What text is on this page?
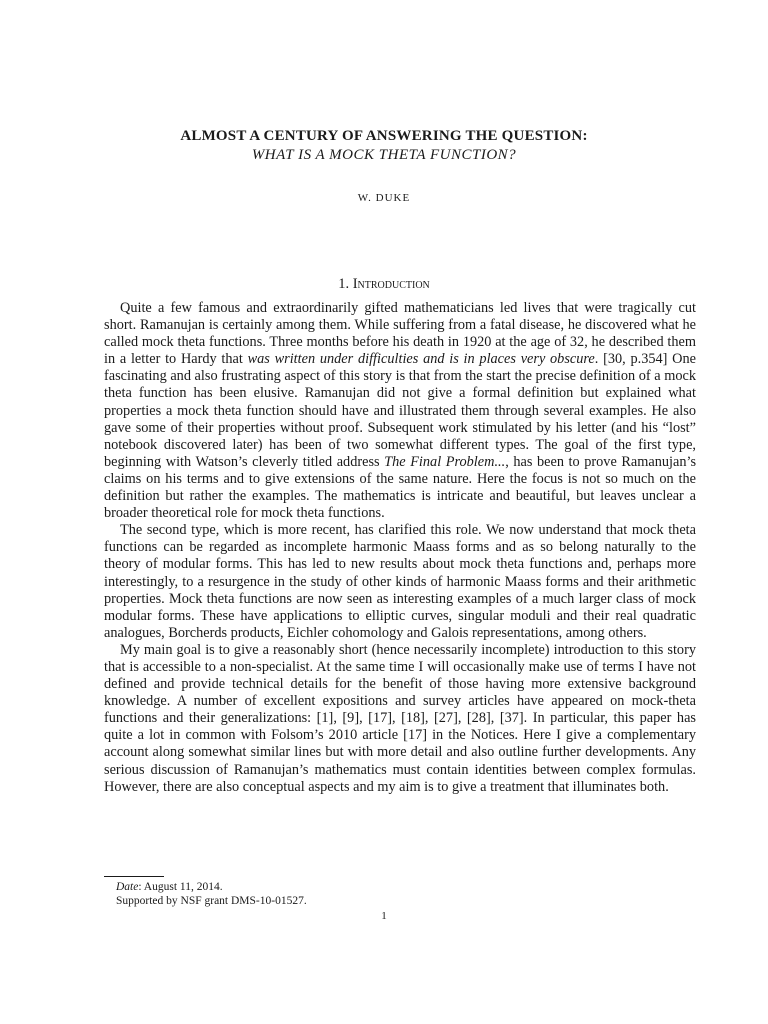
ALMOST A CENTURY OF ANSWERING THE QUESTION:
WHAT IS A MOCK THETA FUNCTION?
W. DUKE
1. Introduction

Quite a few famous and extraordinarily gifted mathematicians led lives that were tragically cut short. Ramanujan is certainly among them. While suffering from a fatal disease, he discovered what he called mock theta functions. Three months before his death in 1920 at the age of 32, he described them in a letter to Hardy that was written under difficulties and is in places very obscure. [30, p.354] One fascinating and also frustrating aspect of this story is that from the start the precise definition of a mock theta function has been elusive. Ramanujan did not give a formal definition but explained what properties a mock theta function should have and illustrated them through several examples. He also gave some of their properties without proof. Subsequent work stimulated by his letter (and his “lost” notebook discovered later) has been of two somewhat different types. The goal of the first type, beginning with Watson’s cleverly titled address The Final Problem..., has been to prove Ramanujan’s claims on his terms and to give extensions of the same nature. Here the focus is not so much on the definition but rather the examples. The mathematics is intricate and beautiful, but leaves unclear a broader theoretical role for mock theta functions.

The second type, which is more recent, has clarified this role. We now understand that mock theta functions can be regarded as incomplete harmonic Maass forms and as so belong naturally to the theory of modular forms. This has led to new results about mock theta functions and, perhaps more interestingly, to a resurgence in the study of other kinds of harmonic Maass forms and their arithmetic properties. Mock theta functions are now seen as interesting examples of a much larger class of mock modular forms. These have applications to elliptic curves, singular moduli and their real quadratic analogues, Borcherds products, Eichler cohomology and Galois representations, among others.

My main goal is to give a reasonably short (hence necessarily incomplete) introduction to this story that is accessible to a non-specialist. At the same time I will occasionally make use of terms I have not defined and provide technical details for the benefit of those having more extensive background knowledge. A number of excellent expositions and survey articles have appeared on mock-theta functions and their generalizations: [1], [9], [17], [18], [27], [28], [37]. In particular, this paper has quite a lot in common with Folsom’s 2010 article [17] in the Notices. Here I give a complementary account along somewhat similar lines but with more detail and also outline further developments. Any serious discussion of Ramanujan’s mathematics must contain identities between complex formulas. However, there are also conceptual aspects and my aim is to give a treatment that illuminates both.

Date: August 11, 2014.
Supported by NSF grant DMS-10-01527.
1
